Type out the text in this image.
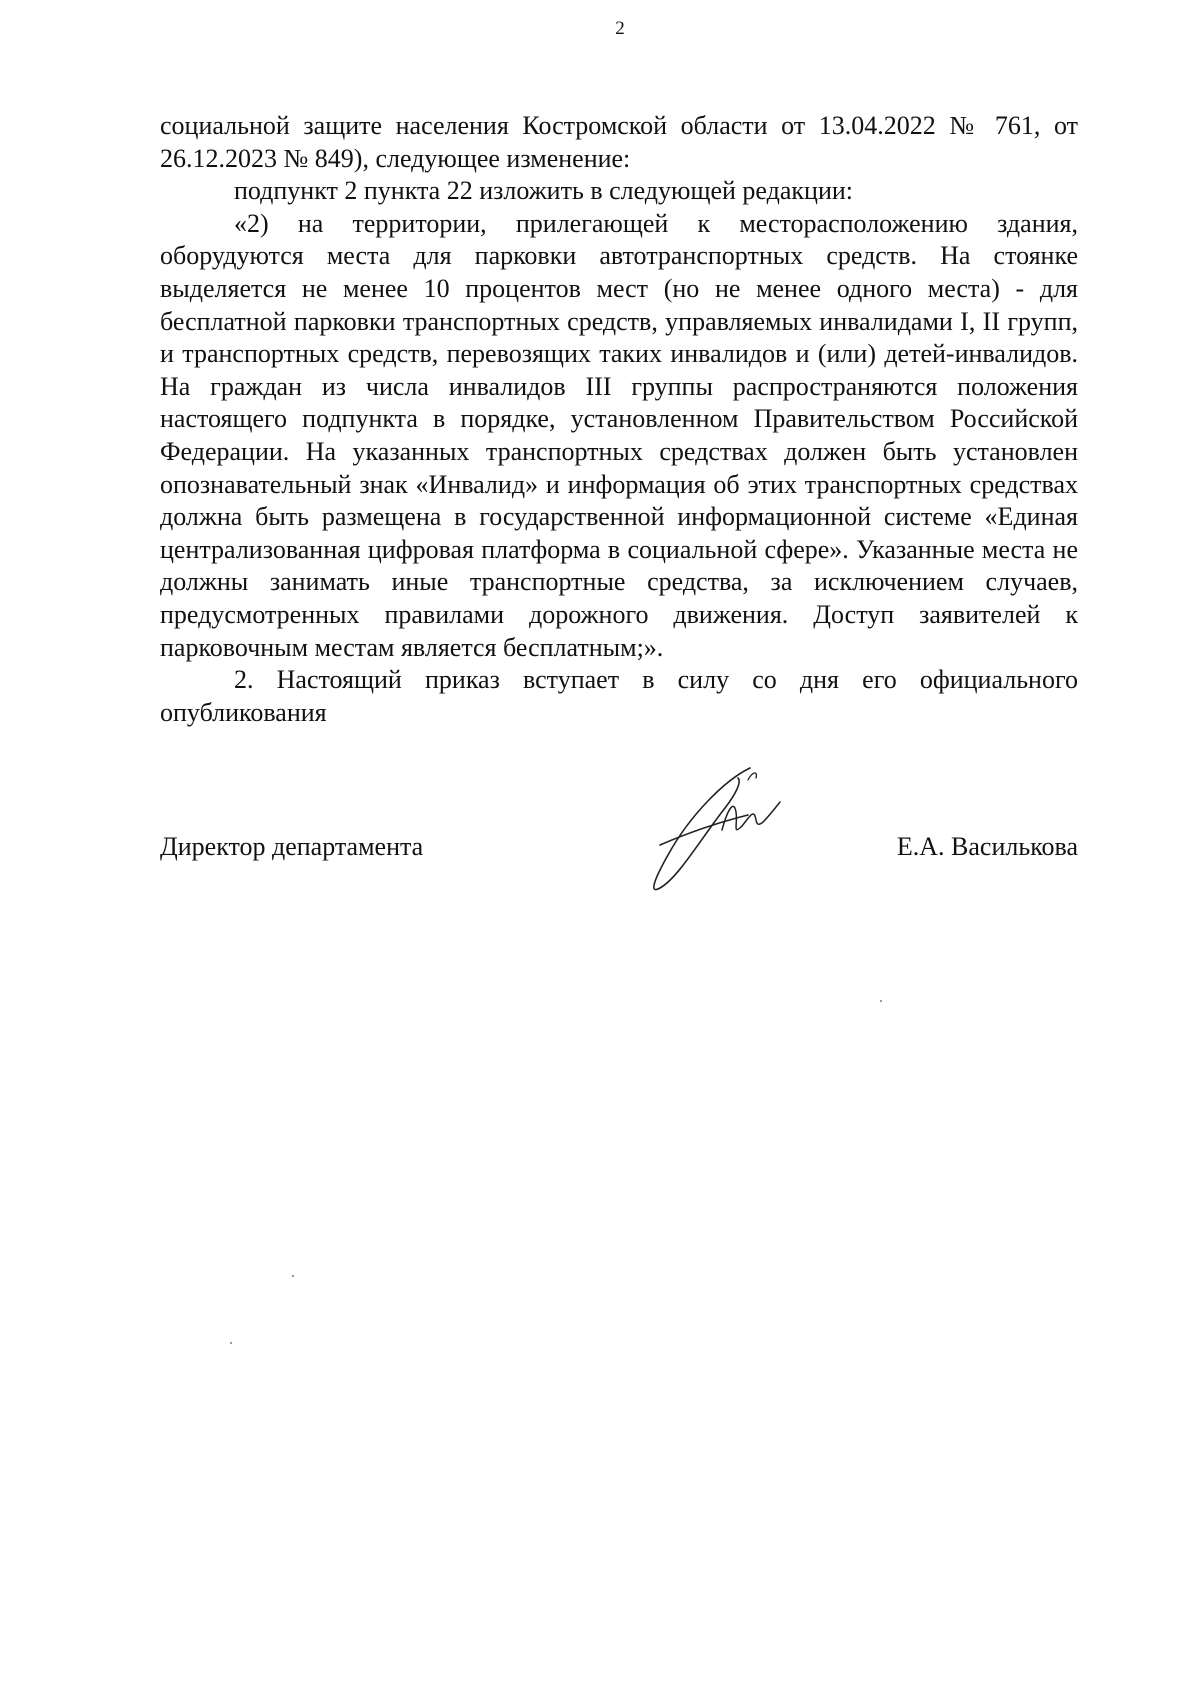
2

социальной защите населения Костромской области от 13.04.2022 № 761, от 26.12.2023 № 849), следующее изменение:

подпункт 2 пункта 22 изложить в следующей редакции:

«2) на территории, прилегающей к месторасположению здания, оборудуются места для парковки автотранспортных средств. На стоянке выделяется не менее 10 процентов мест (но не менее одного места) - для бесплатной парковки транспортных средств, управляемых инвалидами I, II групп, и транспортных средств, перевозящих таких инвалидов и (или) детей-инвалидов. На граждан из числа инвалидов III группы распространяются положения настоящего подпункта в порядке, установленном Правительством Российской Федерации. На указанных транспортных средствах должен быть установлен опознавательный знак «Инвалид» и информация об этих транспортных средствах должна быть размещена в государственной информационной системе «Единая централизованная цифровая платформа в социальной сфере». Указанные места не должны занимать иные транспортные средства, за исключением случаев, предусмотренных правилами дорожного движения. Доступ заявителей к парковочным местам является бесплатным;».

2. Настоящий приказ вступает в силу со дня его официального опубликования

Директор департамента	Е.А. Василькова
